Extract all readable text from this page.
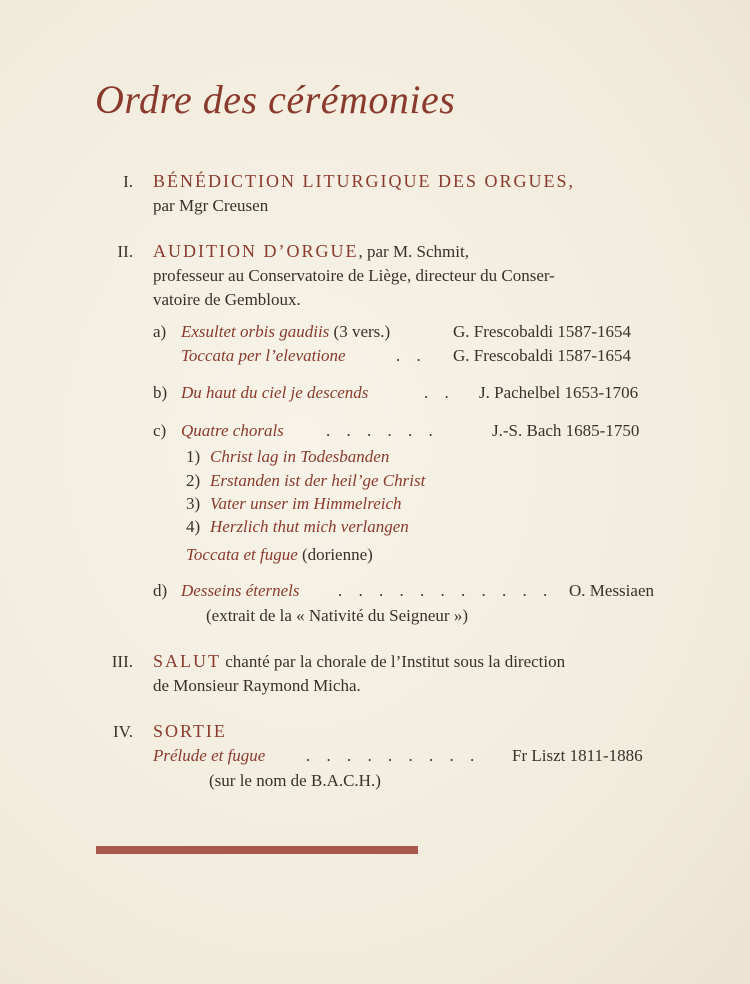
Ordre des cérémonies
I. BÉNÉDICTION LITURGIQUE DES ORGUES,
par Mgr Creusen
II. AUDITION D’ORGUE, par M. Schmit,
professeur au Conservatoire de Liège, directeur du Conser-
vatoire de Gembloux.
a) Exsultet orbis gaudiis (3 vers.)	G. Frescobaldi 1587-1654
Toccata per l’elevatione	. . G. Frescobaldi 1587-1654
b) Du haut du ciel je descends	. . J. Pachelbel 1653-1706
c) Quatre chorals . . . . . .	J.-S. Bach 1685-1750
1) Christ lag in Todesbanden
2) Erstanden ist der heil’ge Christ
3) Vater unser im Himmelreich
4) Herzlich thut mich verlangen
Toccata et fugue (dorienne)
d) Desseins éternels . . . . . . . . . . . O. Messiaen
(extrait de la « Nativité du Seigneur »)
III. SALUT chanté par la chorale de l’Institut sous la direction
de Monsieur Raymond Micha.
IV. SORTIE
Prélude et fugue . . . . . . . . . Fr Liszt 1811-1886
(sur le nom de B.A.C.H.)
